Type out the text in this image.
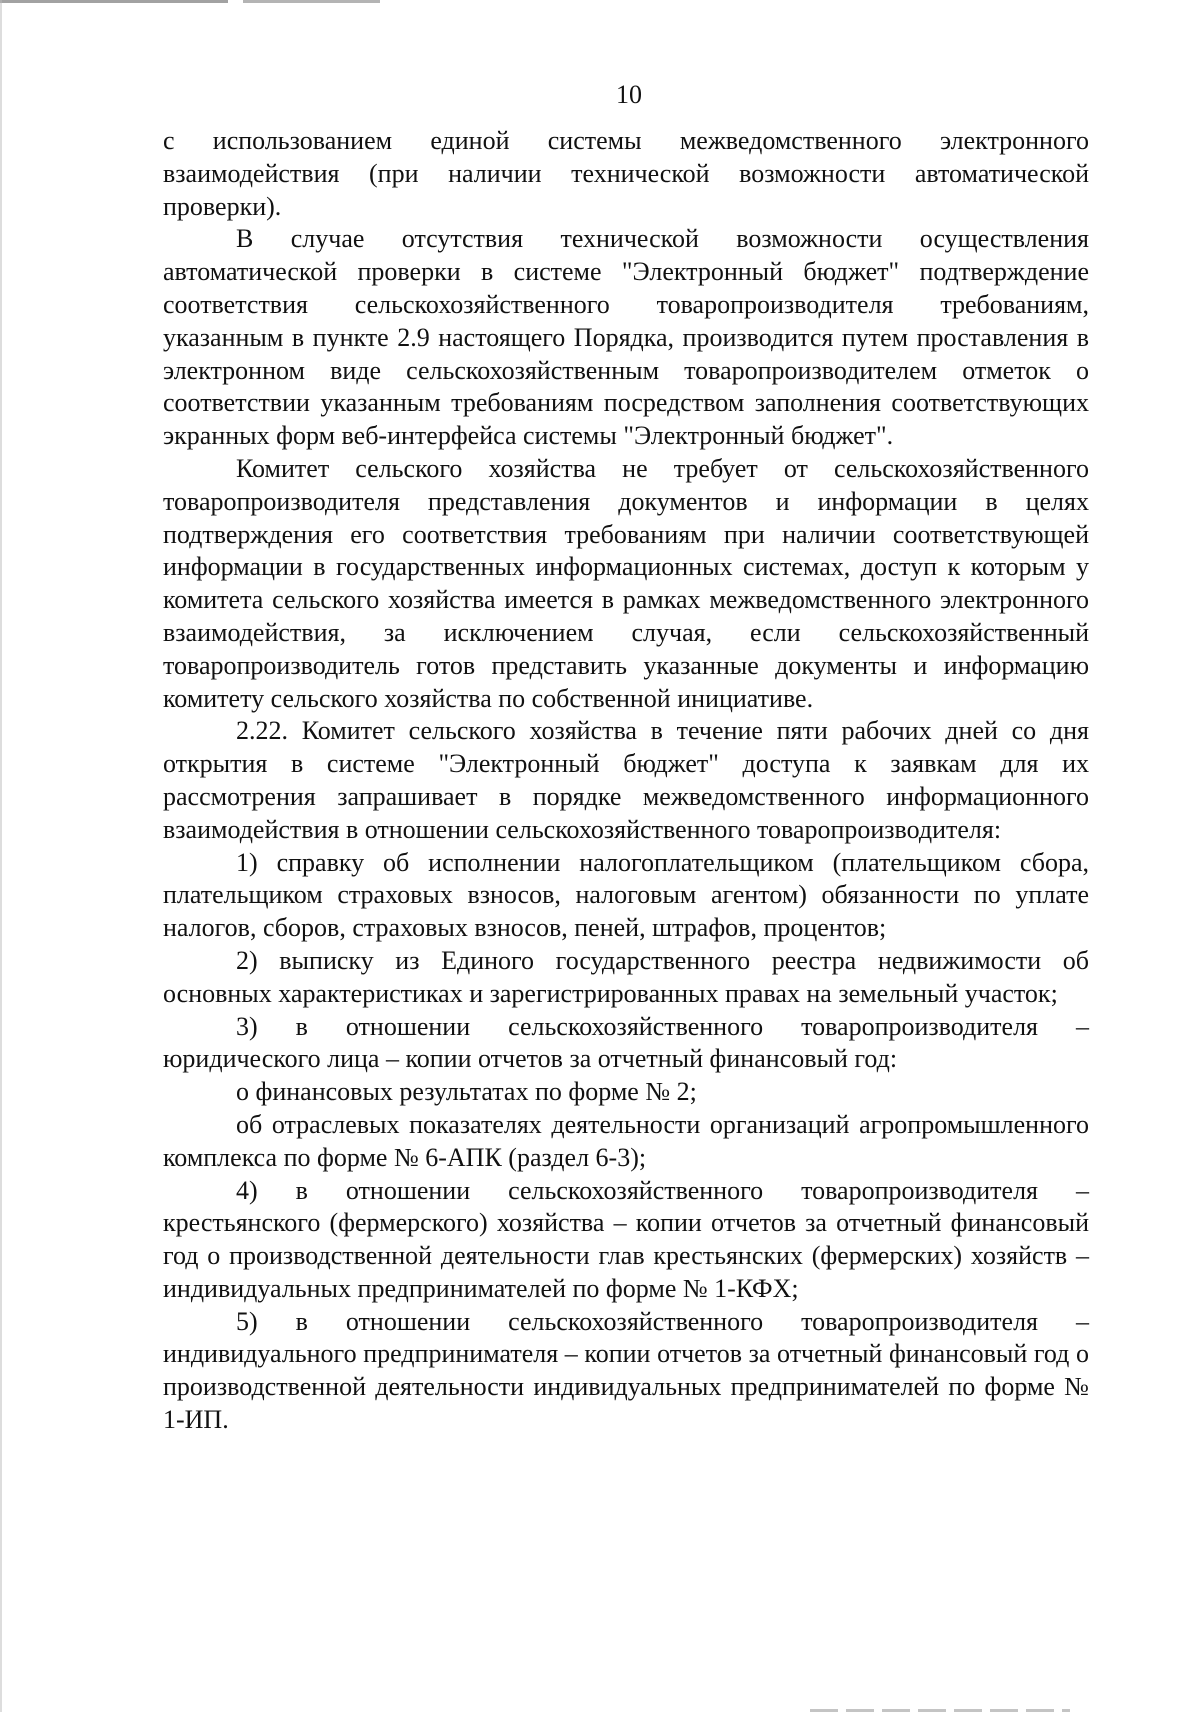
10

с использованием единой системы межведомственного электронного взаимодействия (при наличии технической возможности автоматической проверки).

В случае отсутствия технической возможности осуществления автоматической проверки в системе "Электронный бюджет" подтверждение соответствия сельскохозяйственного товаропроизводителя требованиям, указанным в пункте 2.9 настоящего Порядка, производится путем проставления в электронном виде сельскохозяйственным товаропроизводителем отметок о соответствии указанным требованиям посредством заполнения соответствующих экранных форм веб-интерфейса системы "Электронный бюджет".

Комитет сельского хозяйства не требует от сельскохозяйственного товаропроизводителя представления документов и информации в целях подтверждения его соответствия требованиям при наличии соответствующей информации в государственных информационных системах, доступ к которым у комитета сельского хозяйства имеется в рамках межведомственного электронного взаимодействия, за исключением случая, если сельскохозяйственный товаропроизводитель готов представить указанные документы и информацию комитету сельского хозяйства по собственной инициативе.

2.22. Комитет сельского хозяйства в течение пяти рабочих дней со дня открытия в системе "Электронный бюджет" доступа к заявкам для их рассмотрения запрашивает в порядке межведомственного информационного взаимодействия в отношении сельскохозяйственного товаропроизводителя:

1) справку об исполнении налогоплательщиком (плательщиком сбора, плательщиком страховых взносов, налоговым агентом) обязанности по уплате налогов, сборов, страховых взносов, пеней, штрафов, процентов;

2) выписку из Единого государственного реестра недвижимости об основных характеристиках и зарегистрированных правах на земельный участок;

3) в отношении сельскохозяйственного товаропроизводителя – юридического лица – копии отчетов за отчетный финансовый год:

о финансовых результатах по форме № 2;

об отраслевых показателях деятельности организаций агропромышленного комплекса по форме № 6-АПК (раздел 6-3);

4) в отношении сельскохозяйственного товаропроизводителя – крестьянского (фермерского) хозяйства – копии отчетов за отчетный финансовый год о производственной деятельности глав крестьянских (фермерских) хозяйств – индивидуальных предпринимателей по форме № 1-КФХ;

5) в отношении сельскохозяйственного товаропроизводителя – индивидуального предпринимателя – копии отчетов за отчетный финансовый год о производственной деятельности индивидуальных предпринимателей по форме № 1-ИП.
